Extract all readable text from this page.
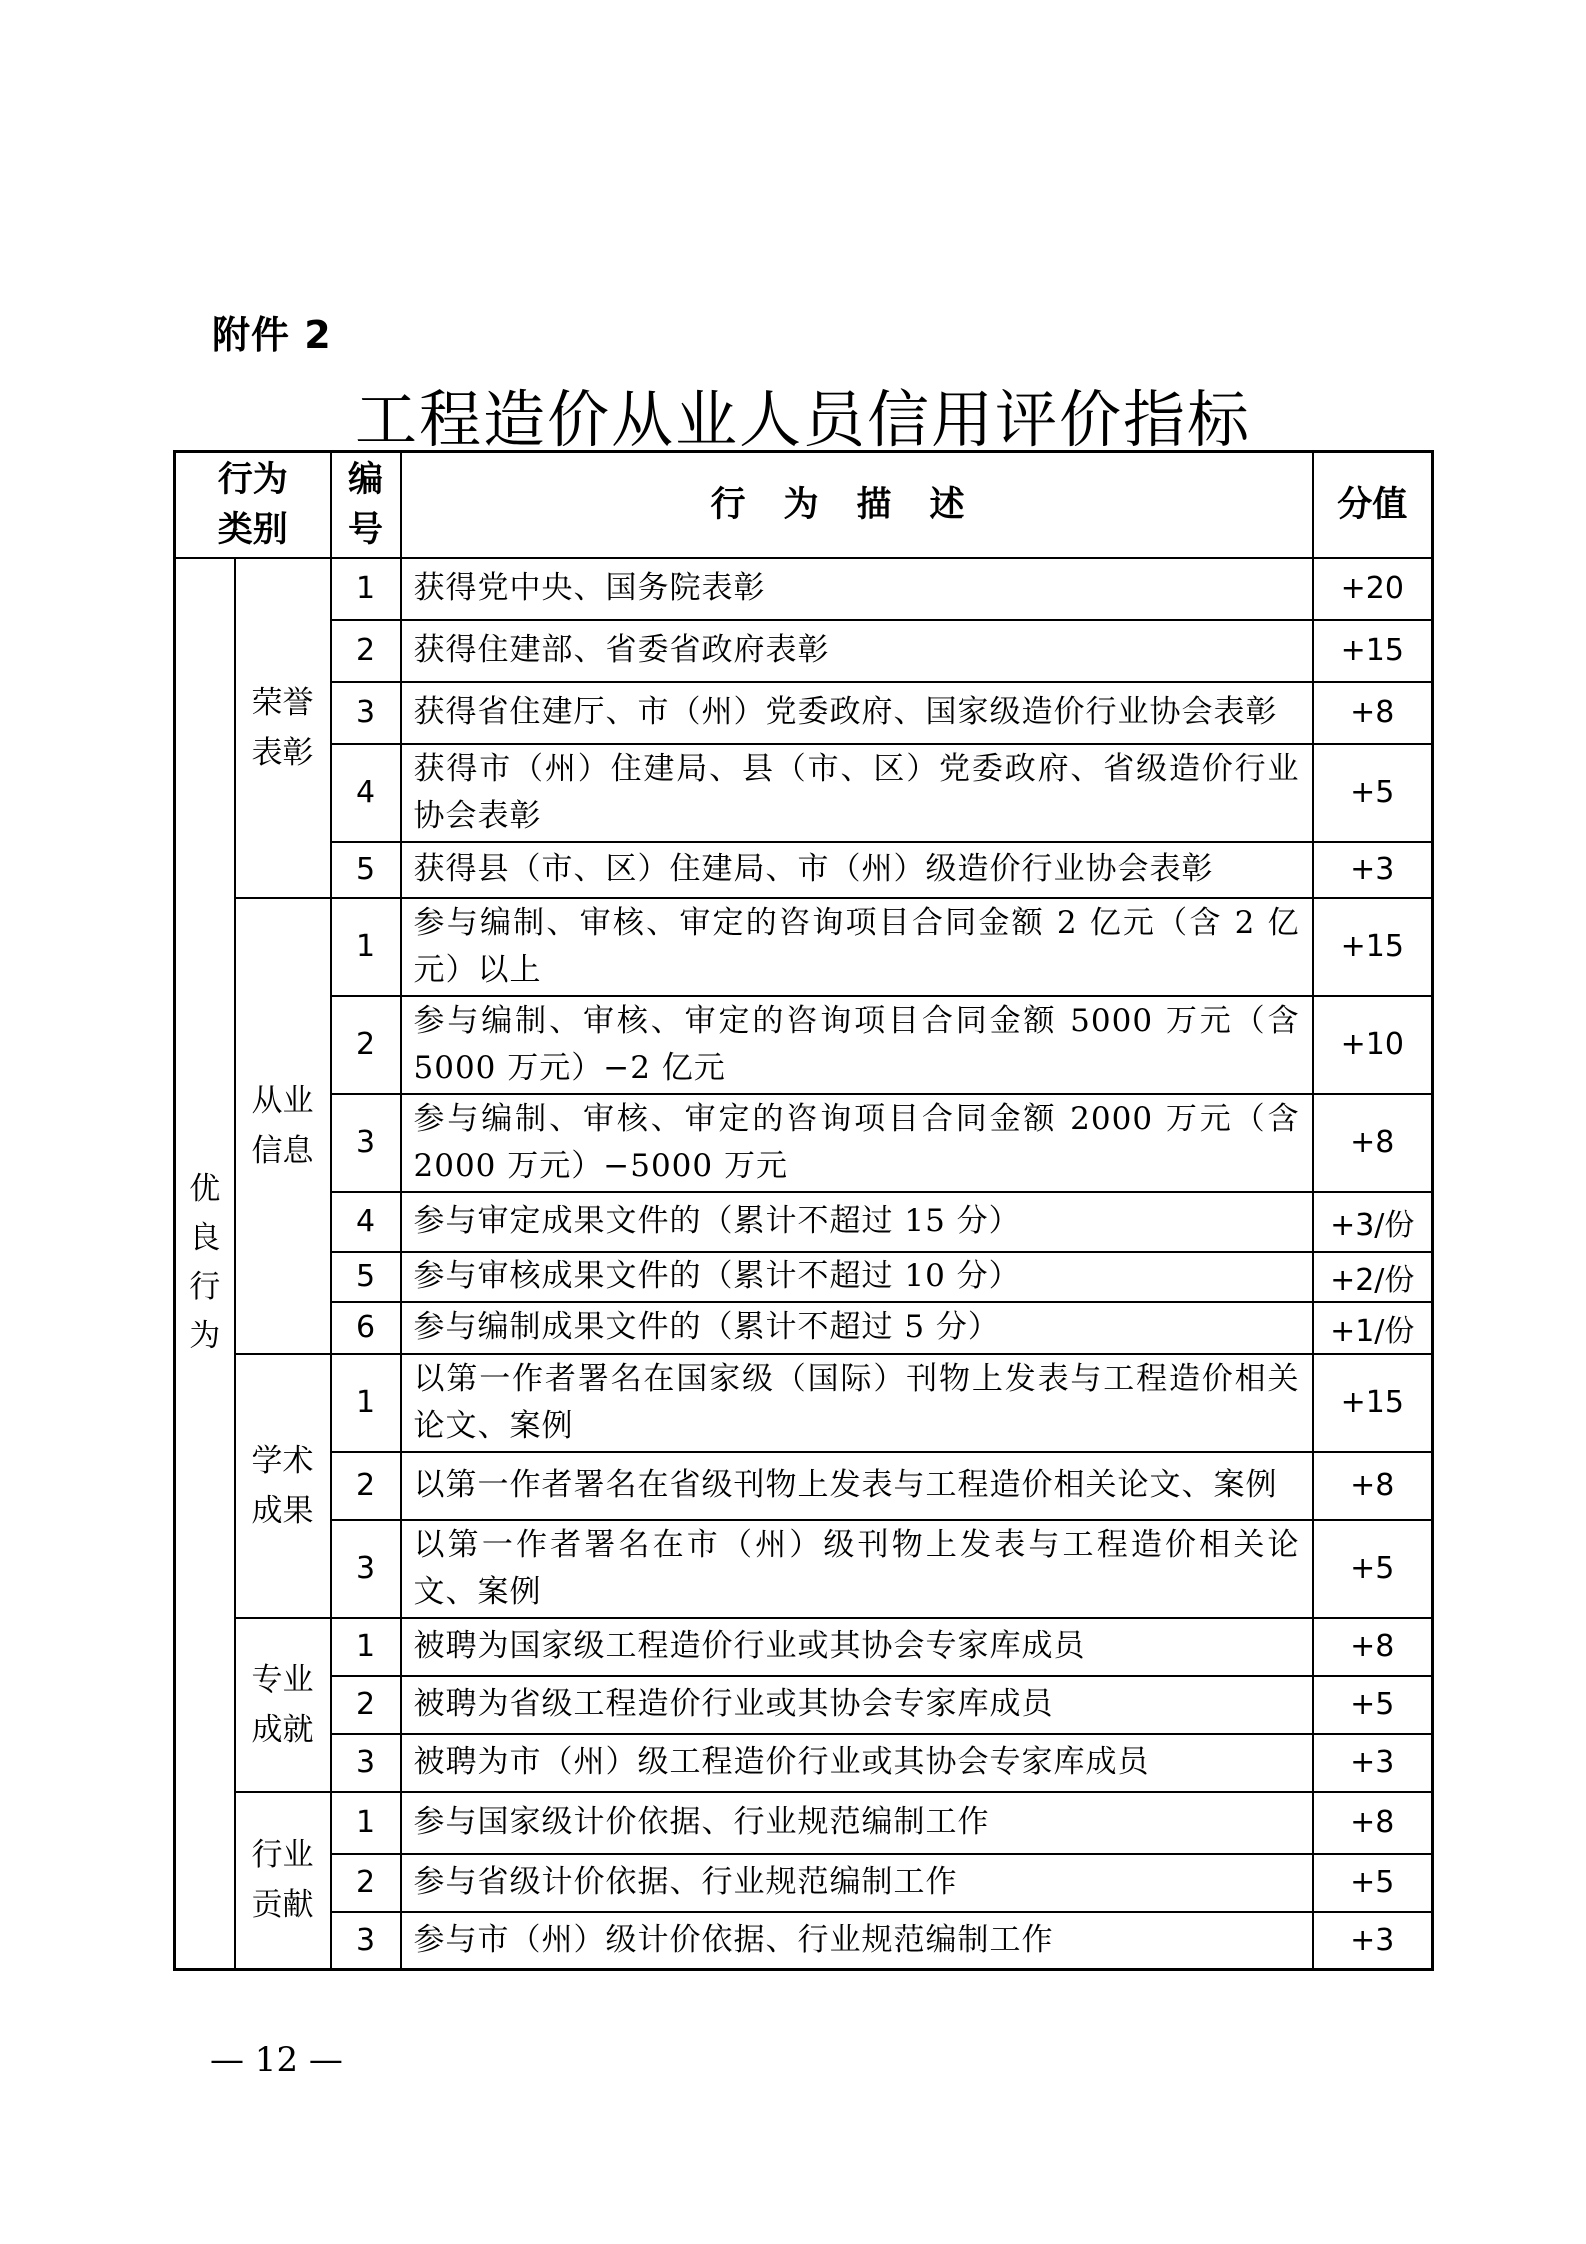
附件 2
工程造价从业人员信用评价指标
行为类别		编号	行为描述	分值
优良行为	荣誉表彰	1	获得党中央、国务院表彰	+20
		2	获得住建部、省委省政府表彰	+15
		3	获得省住建厅、市（州）党委政府、国家级造价行业协会表彰	+8
		4	获得市（州）住建局、县（市、区）党委政府、省级造价行业协会表彰	+5
		5	获得县（市、区）住建局、市（州）级造价行业协会表彰	+3
	从业信息	1	参与编制、审核、审定的咨询项目合同金额 2 亿元（含 2 亿元）以上	+15
		2	参与编制、审核、审定的咨询项目合同金额 5000 万元（含 5000 万元）−2 亿元	+10
		3	参与编制、审核、审定的咨询项目合同金额 2000 万元（含 2000 万元）−5000 万元	+8
		4	参与审定成果文件的（累计不超过 15 分）	+3/份
		5	参与审核成果文件的（累计不超过 10 分）	+2/份
		6	参与编制成果文件的（累计不超过 5 分）	+1/份
	学术成果	1	以第一作者署名在国家级（国际）刊物上发表与工程造价相关论文、案例	+15
		2	以第一作者署名在省级刊物上发表与工程造价相关论文、案例	+8
		3	以第一作者署名在市（州）级刊物上发表与工程造价相关论文、案例	+5
	专业成就	1	被聘为国家级工程造价行业或其协会专家库成员	+8
		2	被聘为省级工程造价行业或其协会专家库成员	+5
		3	被聘为市（州）级工程造价行业或其协会专家库成员	+3
	行业贡献	1	参与国家级计价依据、行业规范编制工作	+8
		2	参与省级计价依据、行业规范编制工作	+5
		3	参与市（州）级计价依据、行业规范编制工作	+3
— 12 —
